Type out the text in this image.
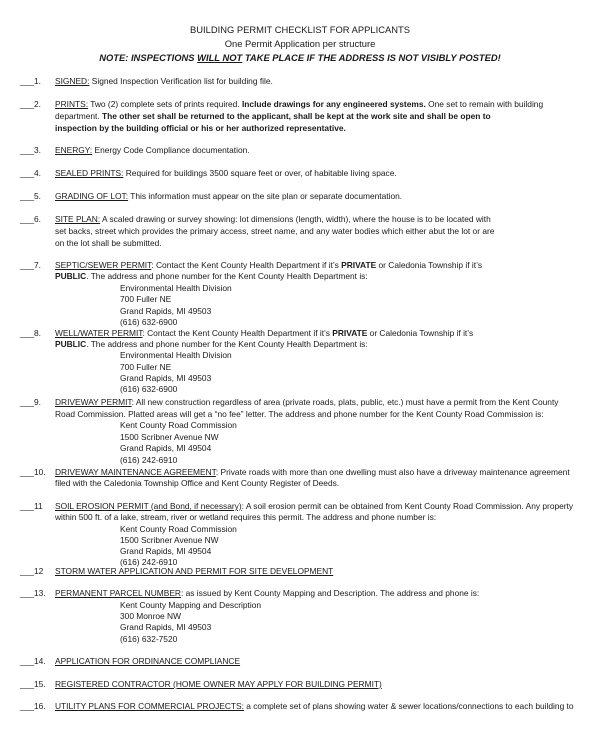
BUILDING PERMIT CHECKLIST FOR APPLICANTS
One Permit Application per structure
NOTE: INSPECTIONS WILL NOT TAKE PLACE IF THE ADDRESS IS NOT VISIBLY POSTED!
___1. SIGNED: Signed Inspection Verification list for building file.
___2. PRINTS: Two (2) complete sets of prints required. Include drawings for any engineered systems. One set to remain with building
department. The other set shall be returned to the applicant, shall be kept at the work site and shall be open to
inspection by the building official or his or her authorized representative.
___3. ENERGY: Energy Code Compliance documentation.
___4. SEALED PRINTS: Required for buildings 3500 square feet or over, of habitable living space.
___5. GRADING OF LOT: This information must appear on the site plan or separate documentation.
___6. SITE PLAN: A scaled drawing or survey showing: lot dimensions (length, width), where the house is to be located with
set backs, street which provides the primary access, street name, and any water bodies which either abut the lot or are
on the lot shall be submitted.
___7. SEPTIC/SEWER PERMIT: Contact the Kent County Health Department if it’s PRIVATE or Caledonia Township if it’s
PUBLIC. The address and phone number for the Kent County Health Department is:
Environmental Health Division
700 Fuller NE
Grand Rapids, MI 49503
(616) 632-6900
___8. WELL/WATER PERMIT: Contact the Kent County Health Department if it’s PRIVATE or Caledonia Township if it’s
PUBLIC. The address and phone number for the Kent County Health Department is:
Environmental Health Division
700 Fuller NE
Grand Rapids, MI 49503
(616) 632-6900
___9. DRIVEWAY PERMIT: All new construction regardless of area (private roads, plats, public, etc.) must have a permit from the Kent County
Road Commission. Platted areas will get a “no fee” letter. The address and phone number for the Kent County Road Commission is:
Kent County Road Commission
1500 Scribner Avenue NW
Grand Rapids, MI 49504
(616) 242-6910
___10. DRIVEWAY MAINTENANCE AGREEMENT: Private roads with more than one dwelling must also have a driveway maintenance agreement
filed with the Caledonia Township Office and Kent County Register of Deeds.
___11 SOIL EROSION PERMIT (and Bond, if necessary): A soil erosion permit can be obtained from Kent County Road Commission. Any property
within 500 ft. of a lake, stream, river or wetland requires this permit. The address and phone number is:
Kent County Road Commission
1500 Scribner Avenue NW
Grand Rapids, MI 49504
(616) 242-6910
___12 STORM WATER APPLICATION AND PERMIT FOR SITE DEVELOPMENT
___13. PERMANENT PARCEL NUMBER: as issued by Kent County Mapping and Description. The address and phone is:
Kent County Mapping and Description
300 Monroe NW
Grand Rapids, MI 49503
(616) 632-7520
___14. APPLICATION FOR ORDINANCE COMPLIANCE
___15. REGISTERED CONTRACTOR (HOME OWNER MAY APPLY FOR BUILDING PERMIT)
___16. UTILITY PLANS FOR COMMERCIAL PROJECTS: a complete set of plans showing water & sewer locations/connections to each building to
